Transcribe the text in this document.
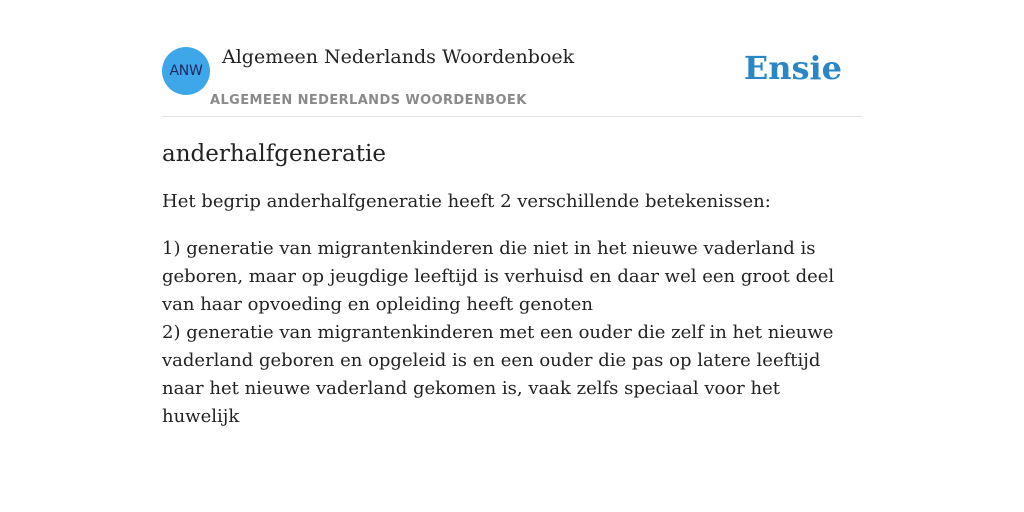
ANW
Algemeen Nederlands Woordenboek
ALGEMEEN NEDERLANDS WOORDENBOEK
Ensie
anderhalfgeneratie

Het begrip anderhalfgeneratie heeft 2 verschillende betekenissen:

1) generatie van migrantenkinderen die niet in het nieuwe vaderland is geboren, maar op jeugdige leeftijd is verhuisd en daar wel een groot deel van haar opvoeding en opleiding heeft genoten
2) generatie van migrantenkinderen met een ouder die zelf in het nieuwe vaderland geboren en opgeleid is en een ouder die pas op latere leeftijd naar het nieuwe vaderland gekomen is, vaak zelfs speciaal voor het huwelijk
